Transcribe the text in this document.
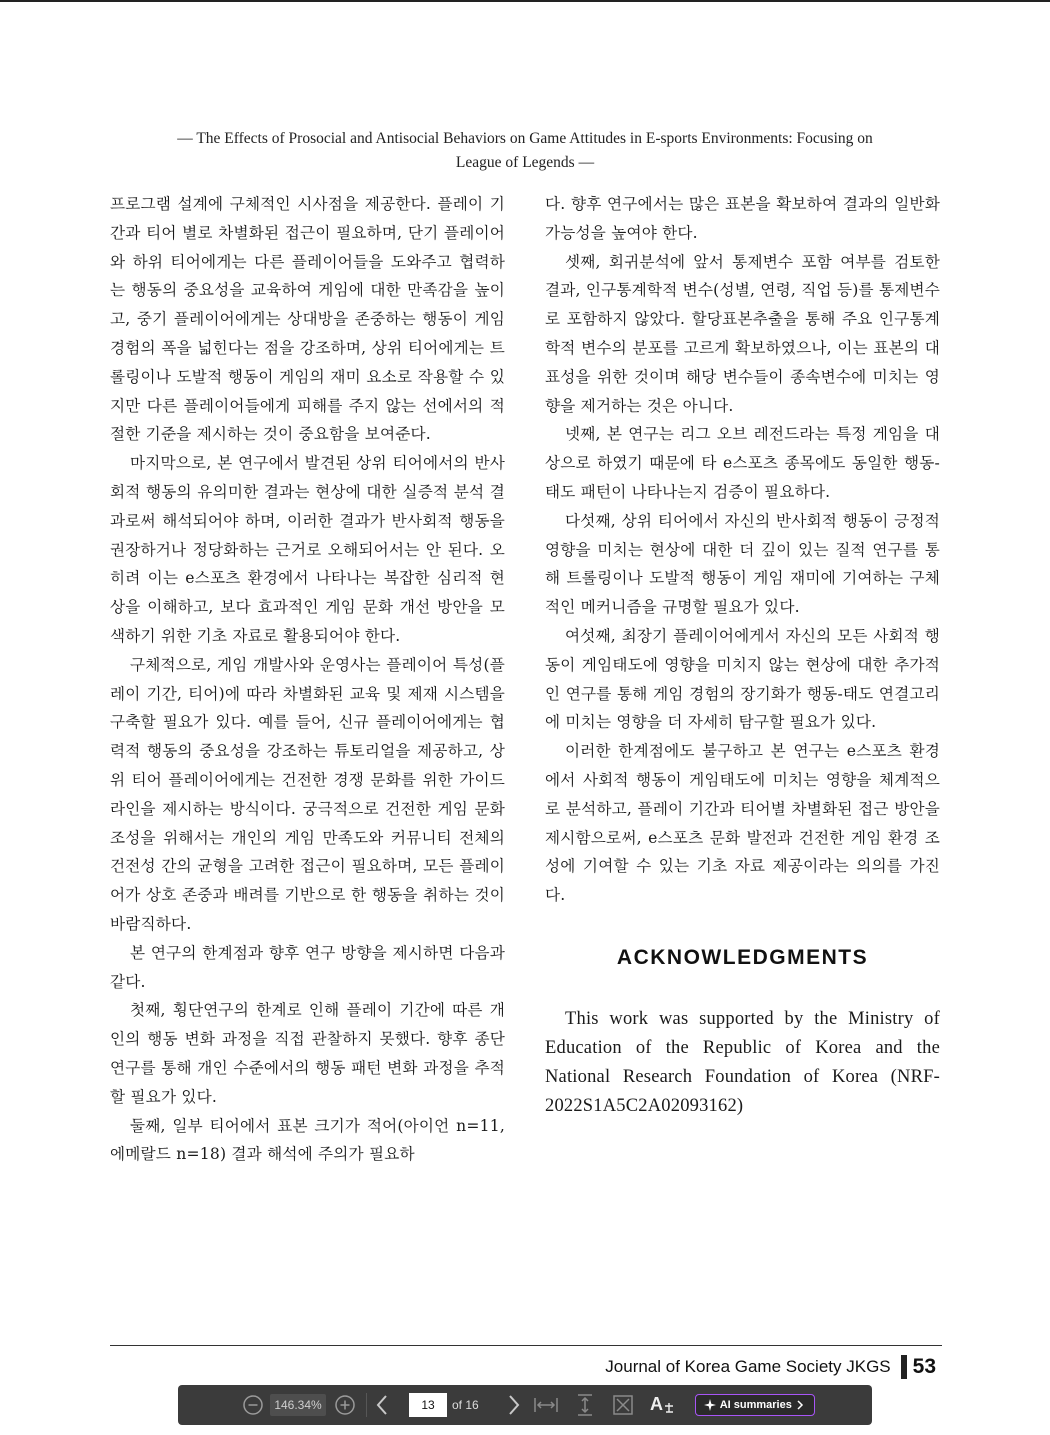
― The Effects of Prosocial and Antisocial Behaviors on Game Attitudes in E-sports Environments: Focusing on
League of Legends ―

프로그램 설계에 구체적인 시사점을 제공한다. 플레이 기간과 티어 별로 차별화된 접근이 필요하며, 단기 플레이어와 하위 티어에게는 다른 플레이어들을 도와주고 협력하는 행동의 중요성을 교육하여 게임에 대한 만족감을 높이고, 중기 플레이어에게는 상대방을 존중하는 행동이 게임 경험의 폭을 넓힌다는 점을 강조하며, 상위 티어에게는 트롤링이나 도발적 행동이 게임의 재미 요소로 작용할 수 있지만 다른 플레이어들에게 피해를 주지 않는 선에서의 적절한 기준을 제시하는 것이 중요함을 보여준다.

마지막으로, 본 연구에서 발견된 상위 티어에서의 반사회적 행동의 유의미한 결과는 현상에 대한 실증적 분석 결과로써 해석되어야 하며, 이러한 결과가 반사회적 행동을 권장하거나 정당화하는 근거로 오해되어서는 안 된다. 오히려 이는 e스포츠 환경에서 나타나는 복잡한 심리적 현상을 이해하고, 보다 효과적인 게임 문화 개선 방안을 모색하기 위한 기초 자료로 활용되어야 한다.

구체적으로, 게임 개발사와 운영사는 플레이어 특성(플레이 기간, 티어)에 따라 차별화된 교육 및 제재 시스템을 구축할 필요가 있다. 예를 들어, 신규 플레이어에게는 협력적 행동의 중요성을 강조하는 튜토리얼을 제공하고, 상위 티어 플레이어에게는 건전한 경쟁 문화를 위한 가이드라인을 제시하는 방식이다. 궁극적으로 건전한 게임 문화 조성을 위해서는 개인의 게임 만족도와 커뮤니티 전체의 건전성 간의 균형을 고려한 접근이 필요하며, 모든 플레이어가 상호 존중과 배려를 기반으로 한 행동을 취하는 것이 바람직하다.

본 연구의 한계점과 향후 연구 방향을 제시하면 다음과 같다.

첫째, 횡단연구의 한계로 인해 플레이 기간에 따른 개인의 행동 변화 과정을 직접 관찰하지 못했다. 향후 종단연구를 통해 개인 수준에서의 행동 패턴 변화 과정을 추적할 필요가 있다.

둘째, 일부 티어에서 표본 크기가 적어(아이언 n=11, 에메랄드 n=18) 결과 해석에 주의가 필요하

다. 향후 연구에서는 많은 표본을 확보하여 결과의 일반화 가능성을 높여야 한다.

셋째, 회귀분석에 앞서 통제변수 포함 여부를 검토한 결과, 인구통계학적 변수(성별, 연령, 직업 등)를 통제변수로 포함하지 않았다. 할당표본추출을 통해 주요 인구통계학적 변수의 분포를 고르게 확보하였으나, 이는 표본의 대표성을 위한 것이며 해당 변수들이 종속변수에 미치는 영향을 제거하는 것은 아니다.

넷째, 본 연구는 리그 오브 레전드라는 특정 게임을 대상으로 하였기 때문에 타 e스포츠 종목에도 동일한 행동-태도 패턴이 나타나는지 검증이 필요하다.

다섯째, 상위 티어에서 자신의 반사회적 행동이 긍정적 영향을 미치는 현상에 대한 더 깊이 있는 질적 연구를 통해 트롤링이나 도발적 행동이 게임 재미에 기여하는 구체적인 메커니즘을 규명할 필요가 있다.

여섯째, 최장기 플레이어에게서 자신의 모든 사회적 행동이 게임태도에 영향을 미치지 않는 현상에 대한 추가적인 연구를 통해 게임 경험의 장기화가 행동-태도 연결고리에 미치는 영향을 더 자세히 탐구할 필요가 있다.

이러한 한계점에도 불구하고 본 연구는 e스포츠 환경에서 사회적 행동이 게임태도에 미치는 영향을 체계적으로 분석하고, 플레이 기간과 티어별 차별화된 접근 방안을 제시함으로써, e스포츠 문화 발전과 건전한 게임 환경 조성에 기여할 수 있는 기초 자료 제공이라는 의의를 가진다.

ACKNOWLEDGMENTS

This work was supported by the Ministry of Education of the Republic of Korea and the National Research Foundation of Korea (NRF-2022S1A5C2A02093162)

Journal of Korea Game Society JKGS 53
146.34%	13	of 16	A	AI summaries
